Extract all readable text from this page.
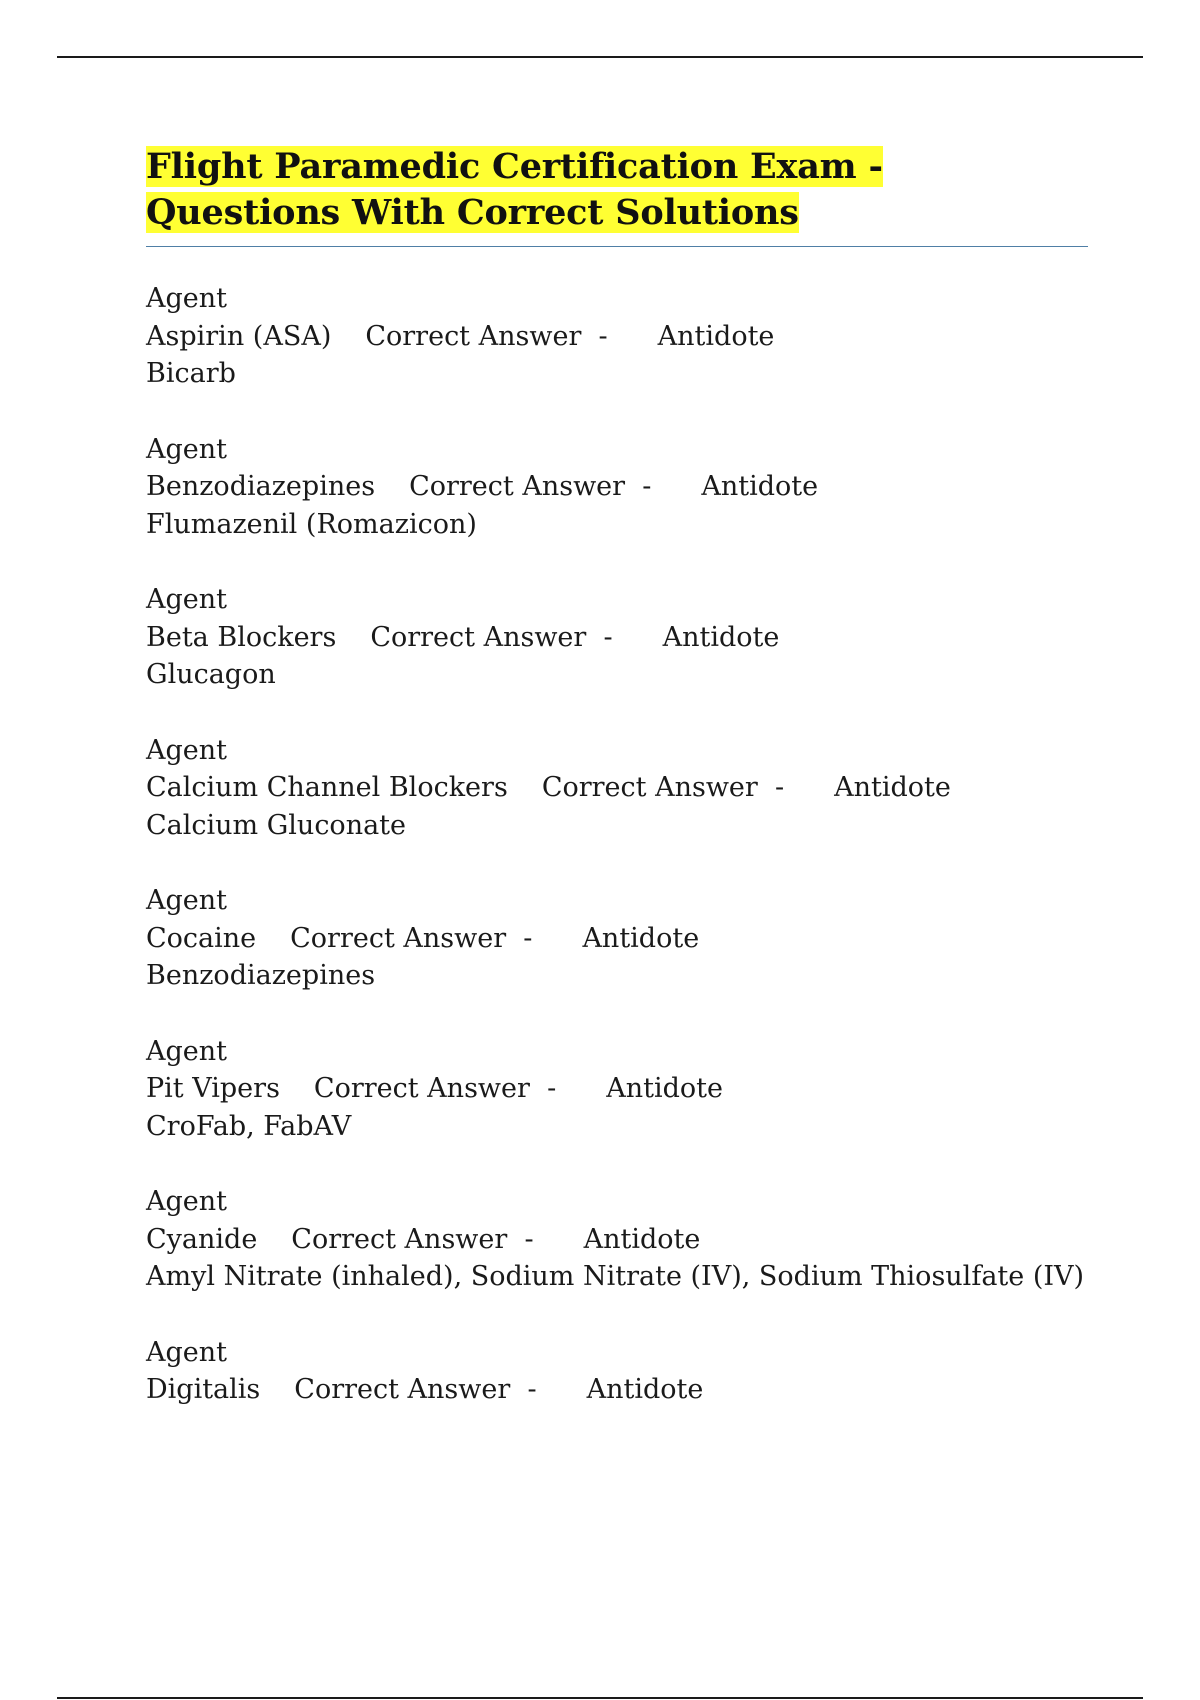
Flight Paramedic Certification Exam - Questions With Correct Solutions
Agent
Aspirin (ASA) Correct Answer  - Antidote
Bicarb
Agent
Benzodiazepines Correct Answer  - Antidote
Flumazenil (Romazicon)
Agent
Beta Blockers Correct Answer  - Antidote
Glucagon
Agent
Calcium Channel Blockers Correct Answer  - Antidote
Calcium Gluconate
Agent
Cocaine Correct Answer  - Antidote
Benzodiazepines
Agent
Pit Vipers Correct Answer  - Antidote
CroFab, FabAV
Agent
Cyanide Correct Answer  - Antidote
Amyl Nitrate (inhaled), Sodium Nitrate (IV), Sodium Thiosulfate (IV)
Agent
Digitalis Correct Answer  - Antidote
